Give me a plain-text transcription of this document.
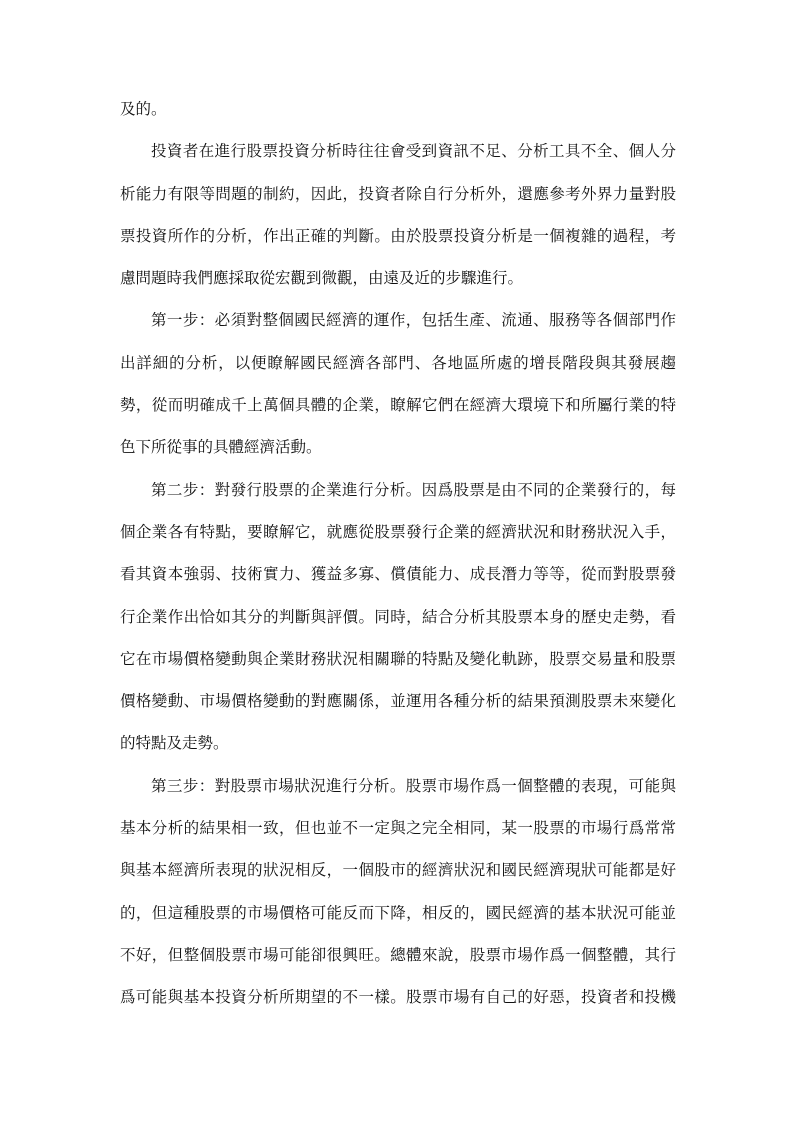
及的。
投資者在進行股票投資分析時往往會受到資訊不足、分析工具不全、個人分
析能力有限等問題的制約，因此，投資者除自行分析外，還應參考外界力量對股
票投資所作的分析，作出正確的判斷。由於股票投資分析是一個複雜的過程，考
慮問題時我們應採取從宏觀到微觀，由遠及近的步驟進行。
第一步：必須對整個國民經濟的運作，包括生產、流通、服務等各個部門作
出詳細的分析，以便瞭解國民經濟各部門、各地區所處的增長階段與其發展趨
勢，從而明確成千上萬個具體的企業，瞭解它們在經濟大環境下和所屬行業的特
色下所從事的具體經濟活動。
第二步：對發行股票的企業進行分析。因爲股票是由不同的企業發行的，每
個企業各有特點，要瞭解它，就應從股票發行企業的經濟狀況和財務狀況入手，
看其資本強弱、技術實力、獲益多寡、償債能力、成長潛力等等，從而對股票發
行企業作出恰如其分的判斷與評價。同時，結合分析其股票本身的歷史走勢，看
它在市場價格變動與企業財務狀況相關聯的特點及變化軌跡，股票交易量和股票
價格變動、市場價格變動的對應關係，並運用各種分析的結果預測股票未來變化
的特點及走勢。
第三步：對股票市場狀況進行分析。股票市場作爲一個整體的表現，可能與
基本分析的結果相一致，但也並不一定與之完全相同，某一股票的市場行爲常常
與基本經濟所表現的狀況相反，一個股市的經濟狀況和國民經濟現狀可能都是好
的，但這種股票的市場價格可能反而下降，相反的，國民經濟的基本狀況可能並
不好，但整個股票市場可能卻很興旺。總體來說，股票市場作爲一個整體，其行
爲可能與基本投資分析所期望的不一樣。股票市場有自己的好惡，投資者和投機
